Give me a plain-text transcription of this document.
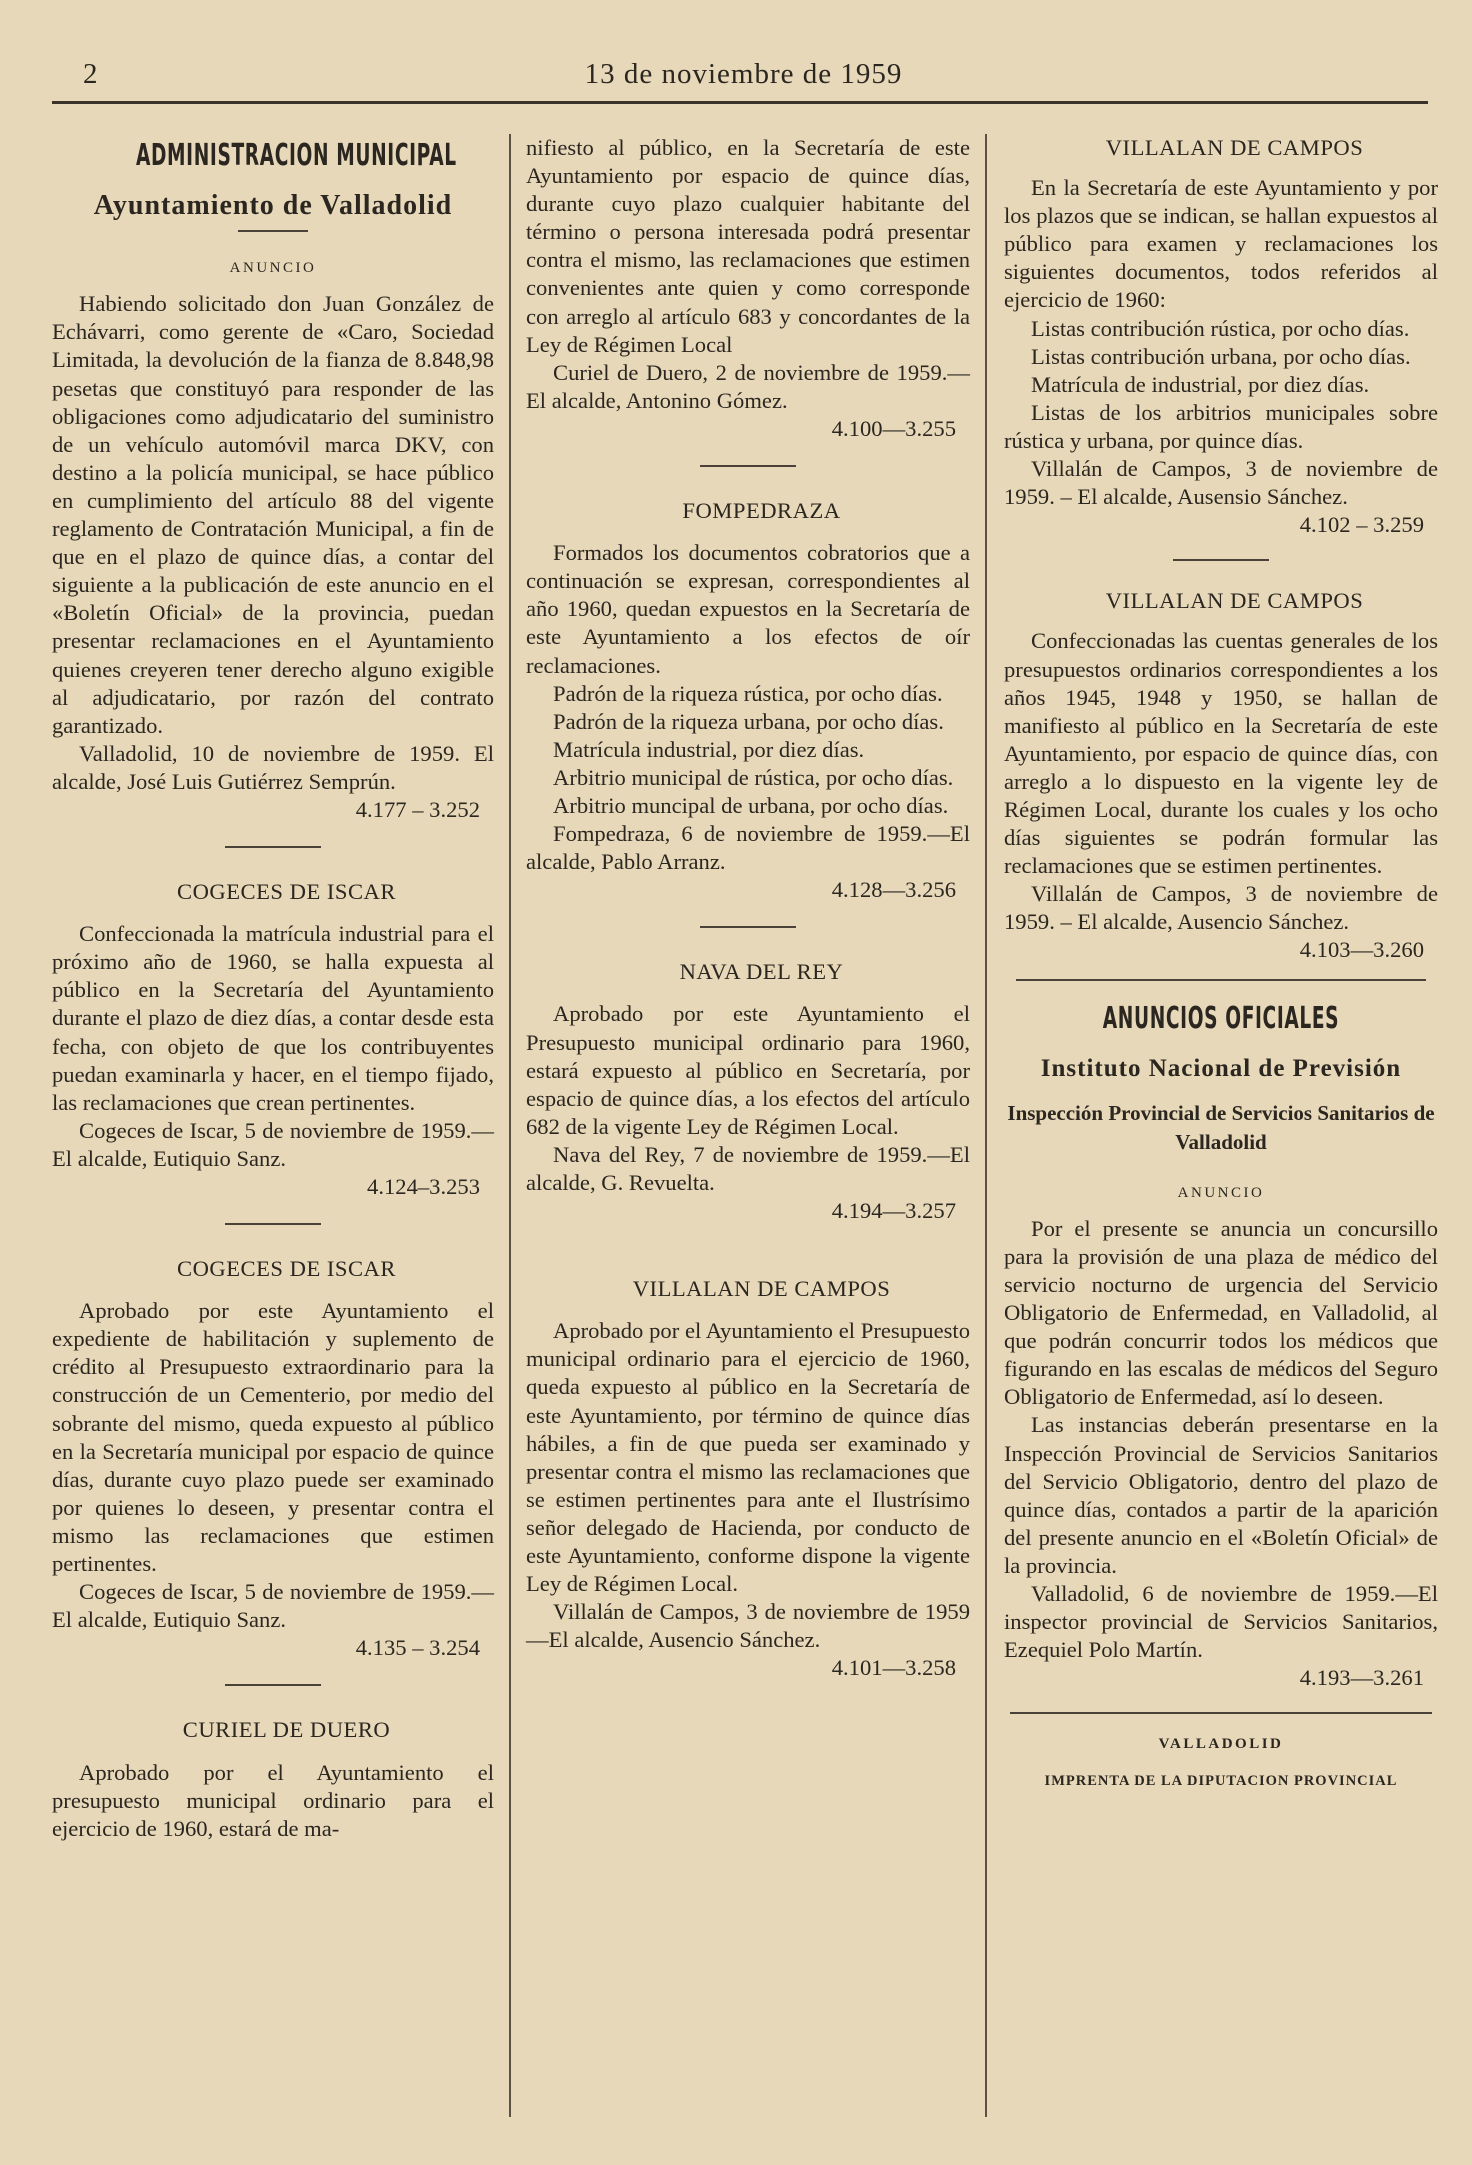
2	13 de noviembre de 1959
ADMINISTRACION MUNICIPAL
Ayuntamiento de Valladolid
ANUNCIO

Habiendo solicitado don Juan González de Echávarri, como gerente de «Caro, Sociedad Limitada, la devolución de la fianza de 8.848,98 pesetas que constituyó para responder de las obligaciones como adjudicatario del suministro de un vehículo automóvil marca DKV, con destino a la policía municipal, se hace público en cumplimiento del artículo 88 del vigente reglamento de Contratación Municipal, a fin de que en el plazo de quince días, a contar del siguiente a la publicación de este anuncio en el «Boletín Oficial» de la provincia, puedan presentar reclamaciones en el Ayuntamiento quienes creyeren tener derecho alguno exigible al adjudicatario, por razón del contrato garantizado.

Valladolid, 10 de noviembre de 1959. El alcalde, José Luis Gutiérrez Semprún.

4.177 – 3.252

COGECES DE ISCAR

Confeccionada la matrícula industrial para el próximo año de 1960, se halla expuesta al público en la Secretaría del Ayuntamiento durante el plazo de diez días, a contar desde esta fecha, con objeto de que los contribuyentes puedan examinarla y hacer, en el tiempo fijado, las reclamaciones que crean pertinentes.

Cogeces de Iscar, 5 de noviembre de 1959.—El alcalde, Eutiquio Sanz.

4.124–3.253

COGECES DE ISCAR

Aprobado por este Ayuntamiento el expediente de habilitación y suplemento de crédito al Presupuesto extraordinario para la construcción de un Cementerio, por medio del sobrante del mismo, queda expuesto al público en la Secretaría municipal por espacio de quince días, durante cuyo plazo puede ser examinado por quienes lo deseen, y presentar contra el mismo las reclamaciones que estimen pertinentes.

Cogeces de Iscar, 5 de noviembre de 1959.—El alcalde, Eutiquio Sanz.

4.135 – 3.254

CURIEL DE DUERO

Aprobado por el Ayuntamiento el presupuesto municipal ordinario para el ejercicio de 1960, estará de ma-

nifiesto al público, en la Secretaría de este Ayuntamiento por espacio de quince días, durante cuyo plazo cualquier habitante del término o persona interesada podrá presentar contra el mismo, las reclamaciones que estimen convenientes ante quien y como corresponde con arreglo al artículo 683 y concordantes de la Ley de Régimen Local

Curiel de Duero, 2 de noviembre de 1959.—El alcalde, Antonino Gómez.

4.100—3.255

FOMPEDRAZA

Formados los documentos cobratorios que a continuación se expresan, correspondientes al año 1960, quedan expuestos en la Secretaría de este Ayuntamiento a los efectos de oír reclamaciones.

Padrón de la riqueza rústica, por ocho días.

Padrón de la riqueza urbana, por ocho días.

Matrícula industrial, por diez días.

Arbitrio municipal de rústica, por ocho días.

Arbitrio muncipal de urbana, por ocho días.

Fompedraza, 6 de noviembre de 1959.—El alcalde, Pablo Arranz.

4.128—3.256

NAVA DEL REY

Aprobado por este Ayuntamiento el Presupuesto municipal ordinario para 1960, estará expuesto al público en Secretaría, por espacio de quince días, a los efectos del artículo 682 de la vigente Ley de Régimen Local.

Nava del Rey, 7 de noviembre de 1959.—El alcalde, G. Revuelta.

4.194—3.257

VILLALAN DE CAMPOS

Aprobado por el Ayuntamiento el Presupuesto municipal ordinario para el ejercicio de 1960, queda expuesto al público en la Secretaría de este Ayuntamiento, por término de quince días hábiles, a fin de que pueda ser examinado y presentar contra el mismo las reclamaciones que se estimen pertinentes para ante el Ilustrísimo señor delegado de Hacienda, por conducto de este Ayuntamiento, conforme dispone la vigente Ley de Régimen Local.

Villalán de Campos, 3 de noviembre de 1959—El alcalde, Ausencio Sánchez.

4.101—3.258

VILLALAN DE CAMPOS

En la Secretaría de este Ayuntamiento y por los plazos que se indican, se hallan expuestos al público para examen y reclamaciones los siguientes documentos, todos referidos al ejercicio de 1960:

Listas contribución rústica, por ocho días.

Listas contribución urbana, por ocho días.

Matrícula de industrial, por diez días.

Listas de los arbitrios municipales sobre rústica y urbana, por quince días.

Villalán de Campos, 3 de noviembre de 1959. – El alcalde, Ausensio Sánchez.

4.102 – 3.259

VILLALAN DE CAMPOS

Confeccionadas las cuentas generales de los presupuestos ordinarios correspondientes a los años 1945, 1948 y 1950, se hallan de manifiesto al público en la Secretaría de este Ayuntamiento, por espacio de quince días, con arreglo a lo dispuesto en la vigente ley de Régimen Local, durante los cuales y los ocho días siguientes se podrán formular las reclamaciones que se estimen pertinentes.

Villalán de Campos, 3 de noviembre de 1959. – El alcalde, Ausencio Sánchez.

4.103—3.260

ANUNCIOS OFICIALES
Instituto Nacional de Previsión
Inspección Provincial de Servicios Sanitarios de Valladolid
ANUNCIO

Por el presente se anuncia un concursillo para la provisión de una plaza de médico del servicio nocturno de urgencia del Servicio Obligatorio de Enfermedad, en Valladolid, al que podrán concurrir todos los médicos que figurando en las escalas de médicos del Seguro Obligatorio de Enfermedad, así lo deseen.

Las instancias deberán presentarse en la Inspección Provincial de Servicios Sanitarios del Servicio Obligatorio, dentro del plazo de quince días, contados a partir de la aparición del presente anuncio en el «Boletín Oficial» de la provincia.

Valladolid, 6 de noviembre de 1959.—El inspector provincial de Servicios Sanitarios, Ezequiel Polo Martín.

4.193—3.261

VALLADOLID
IMPRENTA DE LA DIPUTACION PROVINCIAL
